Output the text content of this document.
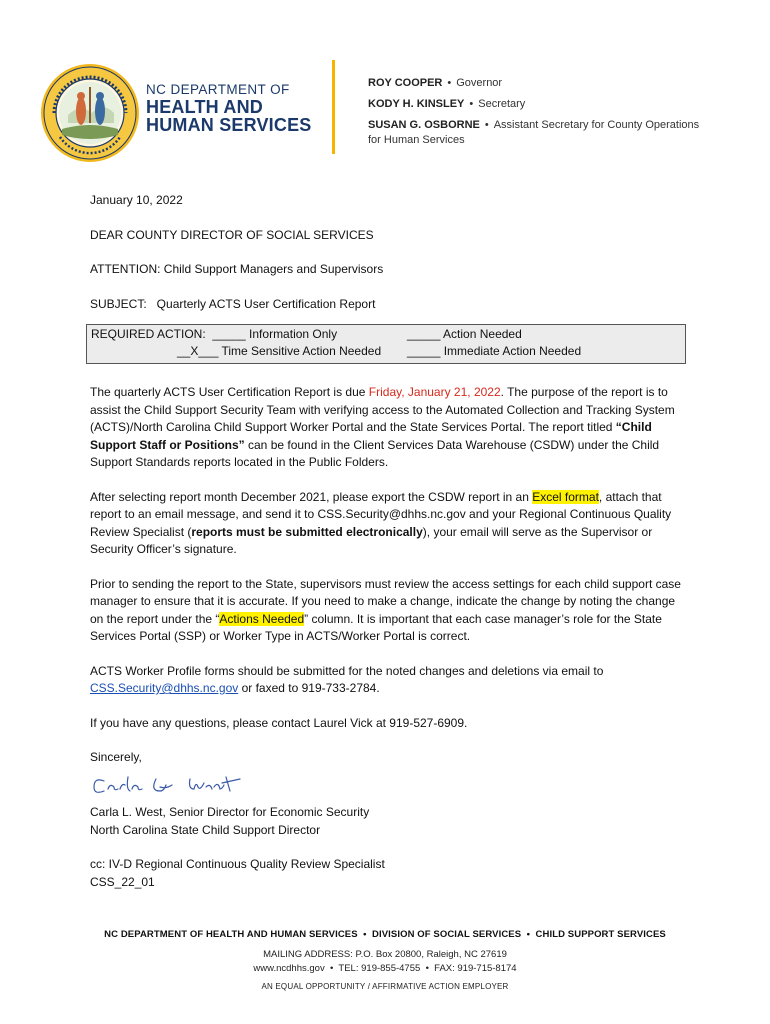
NC DEPARTMENT OF
HEALTH AND
HUMAN SERVICES
ROY COOPER • Governor
KODY H. KINSLEY • Secretary
SUSAN G. OSBORNE • Assistant Secretary for County Operations
for Human Services

January 10, 2022

DEAR COUNTY DIRECTOR OF SOCIAL SERVICES

ATTENTION: Child Support Managers and Supervisors

SUBJECT:   Quarterly ACTS User Certification Report

REQUIRED ACTION:  _____ Information Only	_____ Action Needed
__X___ Time Sensitive Action Needed _____ Immediate Action Needed

The quarterly ACTS User Certification Report is due Friday, January 21, 2022. The purpose of the report is to assist the Child Support Security Team with verifying access to the Automated Collection and Tracking System (ACTS)/North Carolina Child Support Worker Portal and the State Services Portal. The report titled “Child Support Staff or Positions” can be found in the Client Services Data Warehouse (CSDW) under the Child Support Standards reports located in the Public Folders.

After selecting report month December 2021, please export the CSDW report in an Excel format, attach that report to an email message, and send it to CSS.Security@dhhs.nc.gov and your Regional Continuous Quality Review Specialist (reports must be submitted electronically), your email will serve as the Supervisor or Security Officer’s signature.

Prior to sending the report to the State, supervisors must review the access settings for each child support case manager to ensure that it is accurate. If you need to make a change, indicate the change by noting the change on the report under the “Actions Needed” column. It is important that each case manager’s role for the State Services Portal (SSP) or Worker Type in ACTS/Worker Portal is correct.

ACTS Worker Profile forms should be submitted for the noted changes and deletions via email to CSS.Security@dhhs.nc.gov or faxed to 919-733-2784.

If you have any questions, please contact Laurel Vick at 919-527-6909.

Sincerely,

Carla L. West, Senior Director for Economic Security

North Carolina State Child Support Director

cc: IV-D Regional Continuous Quality Review Specialist

CSS_22_01

NC DEPARTMENT OF HEALTH AND HUMAN SERVICES  •  DIVISION OF SOCIAL SERVICES  •  CHILD SUPPORT SERVICES
MAILING ADDRESS: P.O. Box 20800, Raleigh, NC 27619
www.ncdhhs.gov  •  TEL: 919-855-4755  •  FAX: 919-715-8174
AN EQUAL OPPORTUNITY / AFFIRMATIVE ACTION EMPLOYER
